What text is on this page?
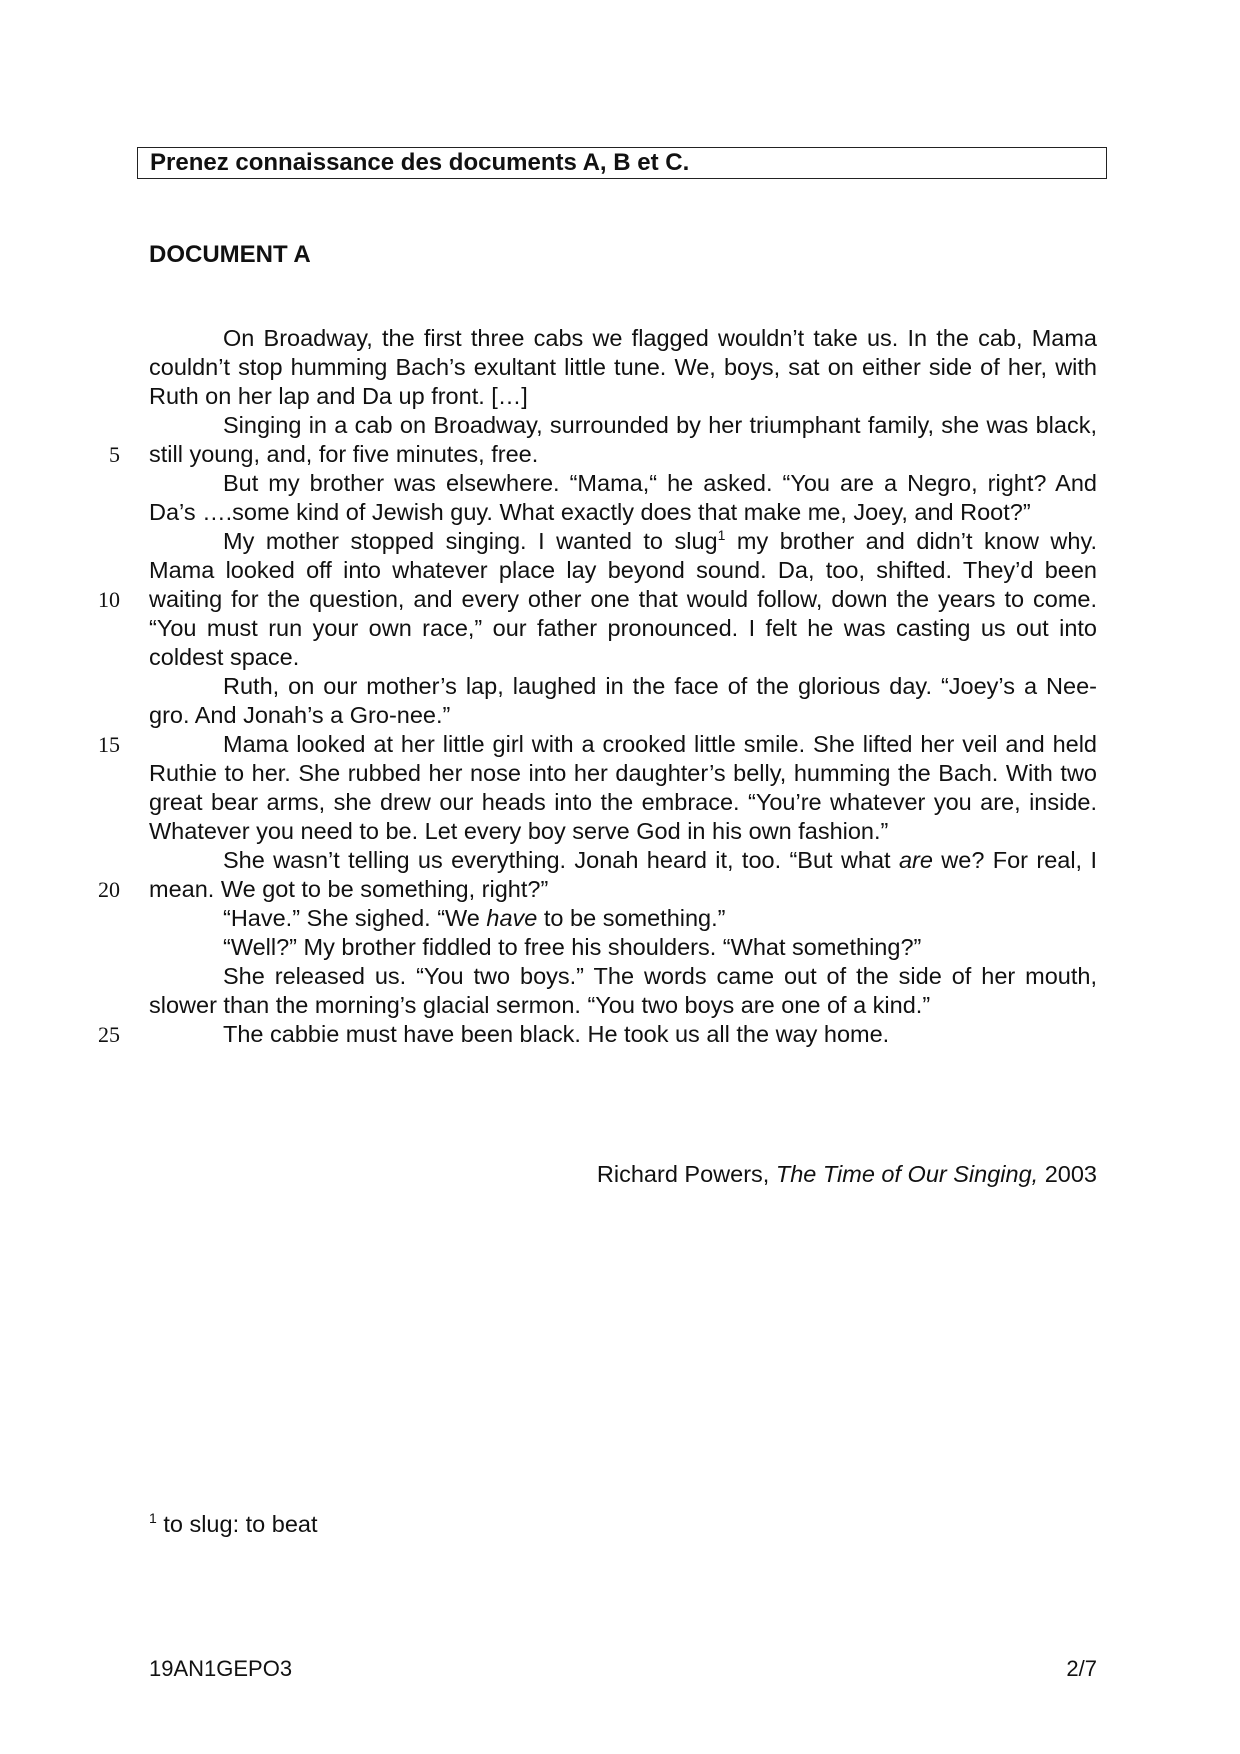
Prenez connaissance des documents A, B et C.
DOCUMENT A
5
10
15
20
25

On Broadway, the first three cabs we flagged wouldn’t take us. In the cab, Mama couldn’t stop humming Bach’s exultant little tune. We, boys, sat on either side of her, with Ruth on her lap and Da up front. […]

Singing in a cab on Broadway, surrounded by her triumphant family, she was black, still young, and, for five minutes, free.

But my brother was elsewhere. “Mama,“ he asked. “You are a Negro, right? And Da’s ….some kind of Jewish guy. What exactly does that make me, Joey, and Root?”

My mother stopped singing. I wanted to slug$^1$ my brother and didn’t know why. Mama looked off into whatever place lay beyond sound. Da, too, shifted. They’d been waiting for the question, and every other one that would follow, down the years to come. “You must run your own race,” our father pronounced. I felt he was casting us out into coldest space.

Ruth, on our mother’s lap, laughed in the face of the glorious day. “Joey’s a Nee-gro. And Jonah’s a Gro-nee.”

Mama looked at her little girl with a crooked little smile. She lifted her veil and held Ruthie to her. She rubbed her nose into her daughter’s belly, humming the Bach. With two great bear arms, she drew our heads into the embrace. “You’re whatever you are, inside. Whatever you need to be. Let every boy serve God in his own fashion.”

She wasn’t telling us everything. Jonah heard it, too. “But what are we? For real, I mean. We got to be something, right?”

“Have.” She sighed. “We have to be something.”

“Well?” My brother fiddled to free his shoulders. “What something?”

She released us. “You two boys.” The words came out of the side of her mouth, slower than the morning’s glacial sermon. “You two boys are one of a kind.”

The cabbie must have been black. He took us all the way home.

Richard Powers, The Time of Our Singing, 2003
$^1$ to slug: to beat
19AN1GEPO3	2/7
